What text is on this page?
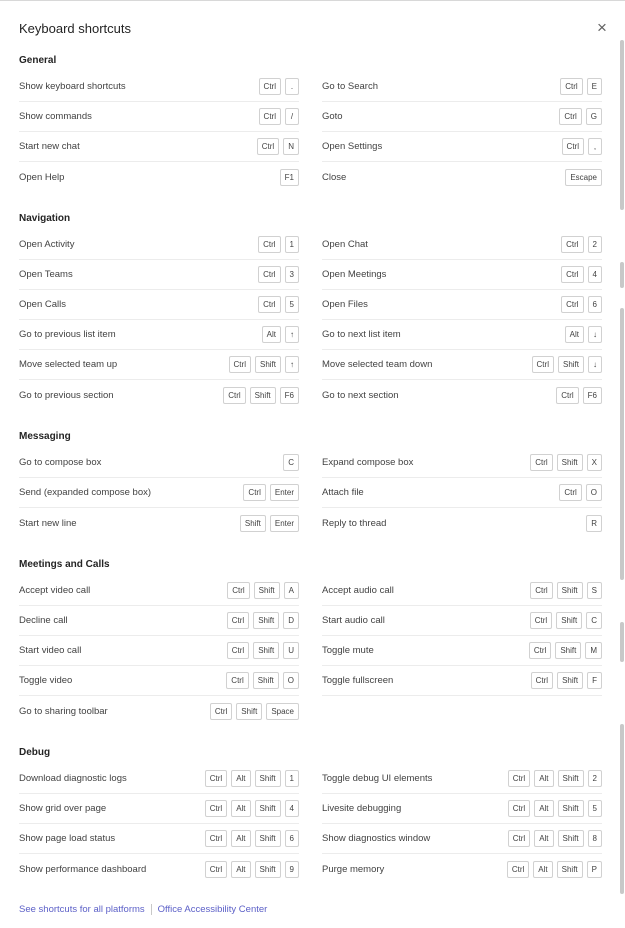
Keyboard shortcuts	×
General
Show keyboard shortcuts	Ctrl	.	Go to Search	Ctrl	E
Show commands	Ctrl	/	Goto	Ctrl	G
Start new chat	Ctrl	N	Open Settings	Ctrl	,
Open Help	F1	Close	Escape
Navigation
Open Activity	Ctrl	1	Open Chat	Ctrl	2
Open Teams	Ctrl	3	Open Meetings	Ctrl	4
Open Calls	Ctrl	5	Open Files	Ctrl	6
Go to previous list item	Alt	↑	Go to next list item	Alt	↓
Move selected team up	Ctrl	Shift	↑	Move selected team down	Ctrl	Shift	↓
Go to previous section	Ctrl	Shift	F6	Go to next section	Ctrl	F6
Messaging
Go to compose box	C	Expand compose box	Ctrl	Shift	X
Send (expanded compose box)	Ctrl	Enter	Attach file	Ctrl	O
Start new line	Shift	Enter	Reply to thread	R
Meetings and Calls
Accept video call	Ctrl	Shift	A	Accept audio call	Ctrl	Shift	S
Decline call	Ctrl	Shift	D	Start audio call	Ctrl	Shift	C
Start video call	Ctrl	Shift	U	Toggle mute	Ctrl	Shift	M
Toggle video	Ctrl	Shift	O	Toggle fullscreen	Ctrl	Shift	F
Go to sharing toolbar	Ctrl	Shift	Space
Debug
Download diagnostic logs	Ctrl	Alt	Shift	1	Toggle debug UI elements	Ctrl	Alt	Shift	2
Show grid over page	Ctrl	Alt	Shift	4	Livesite debugging	Ctrl	Alt	Shift	5
Show page load status	Ctrl	Alt	Shift	6	Show diagnostics window	Ctrl	Alt	Shift	8
Show performance dashboard	Ctrl	Alt	Shift	9	Purge memory	Ctrl	Alt	Shift	P
See shortcuts for all platforms Office Accessibility Center
